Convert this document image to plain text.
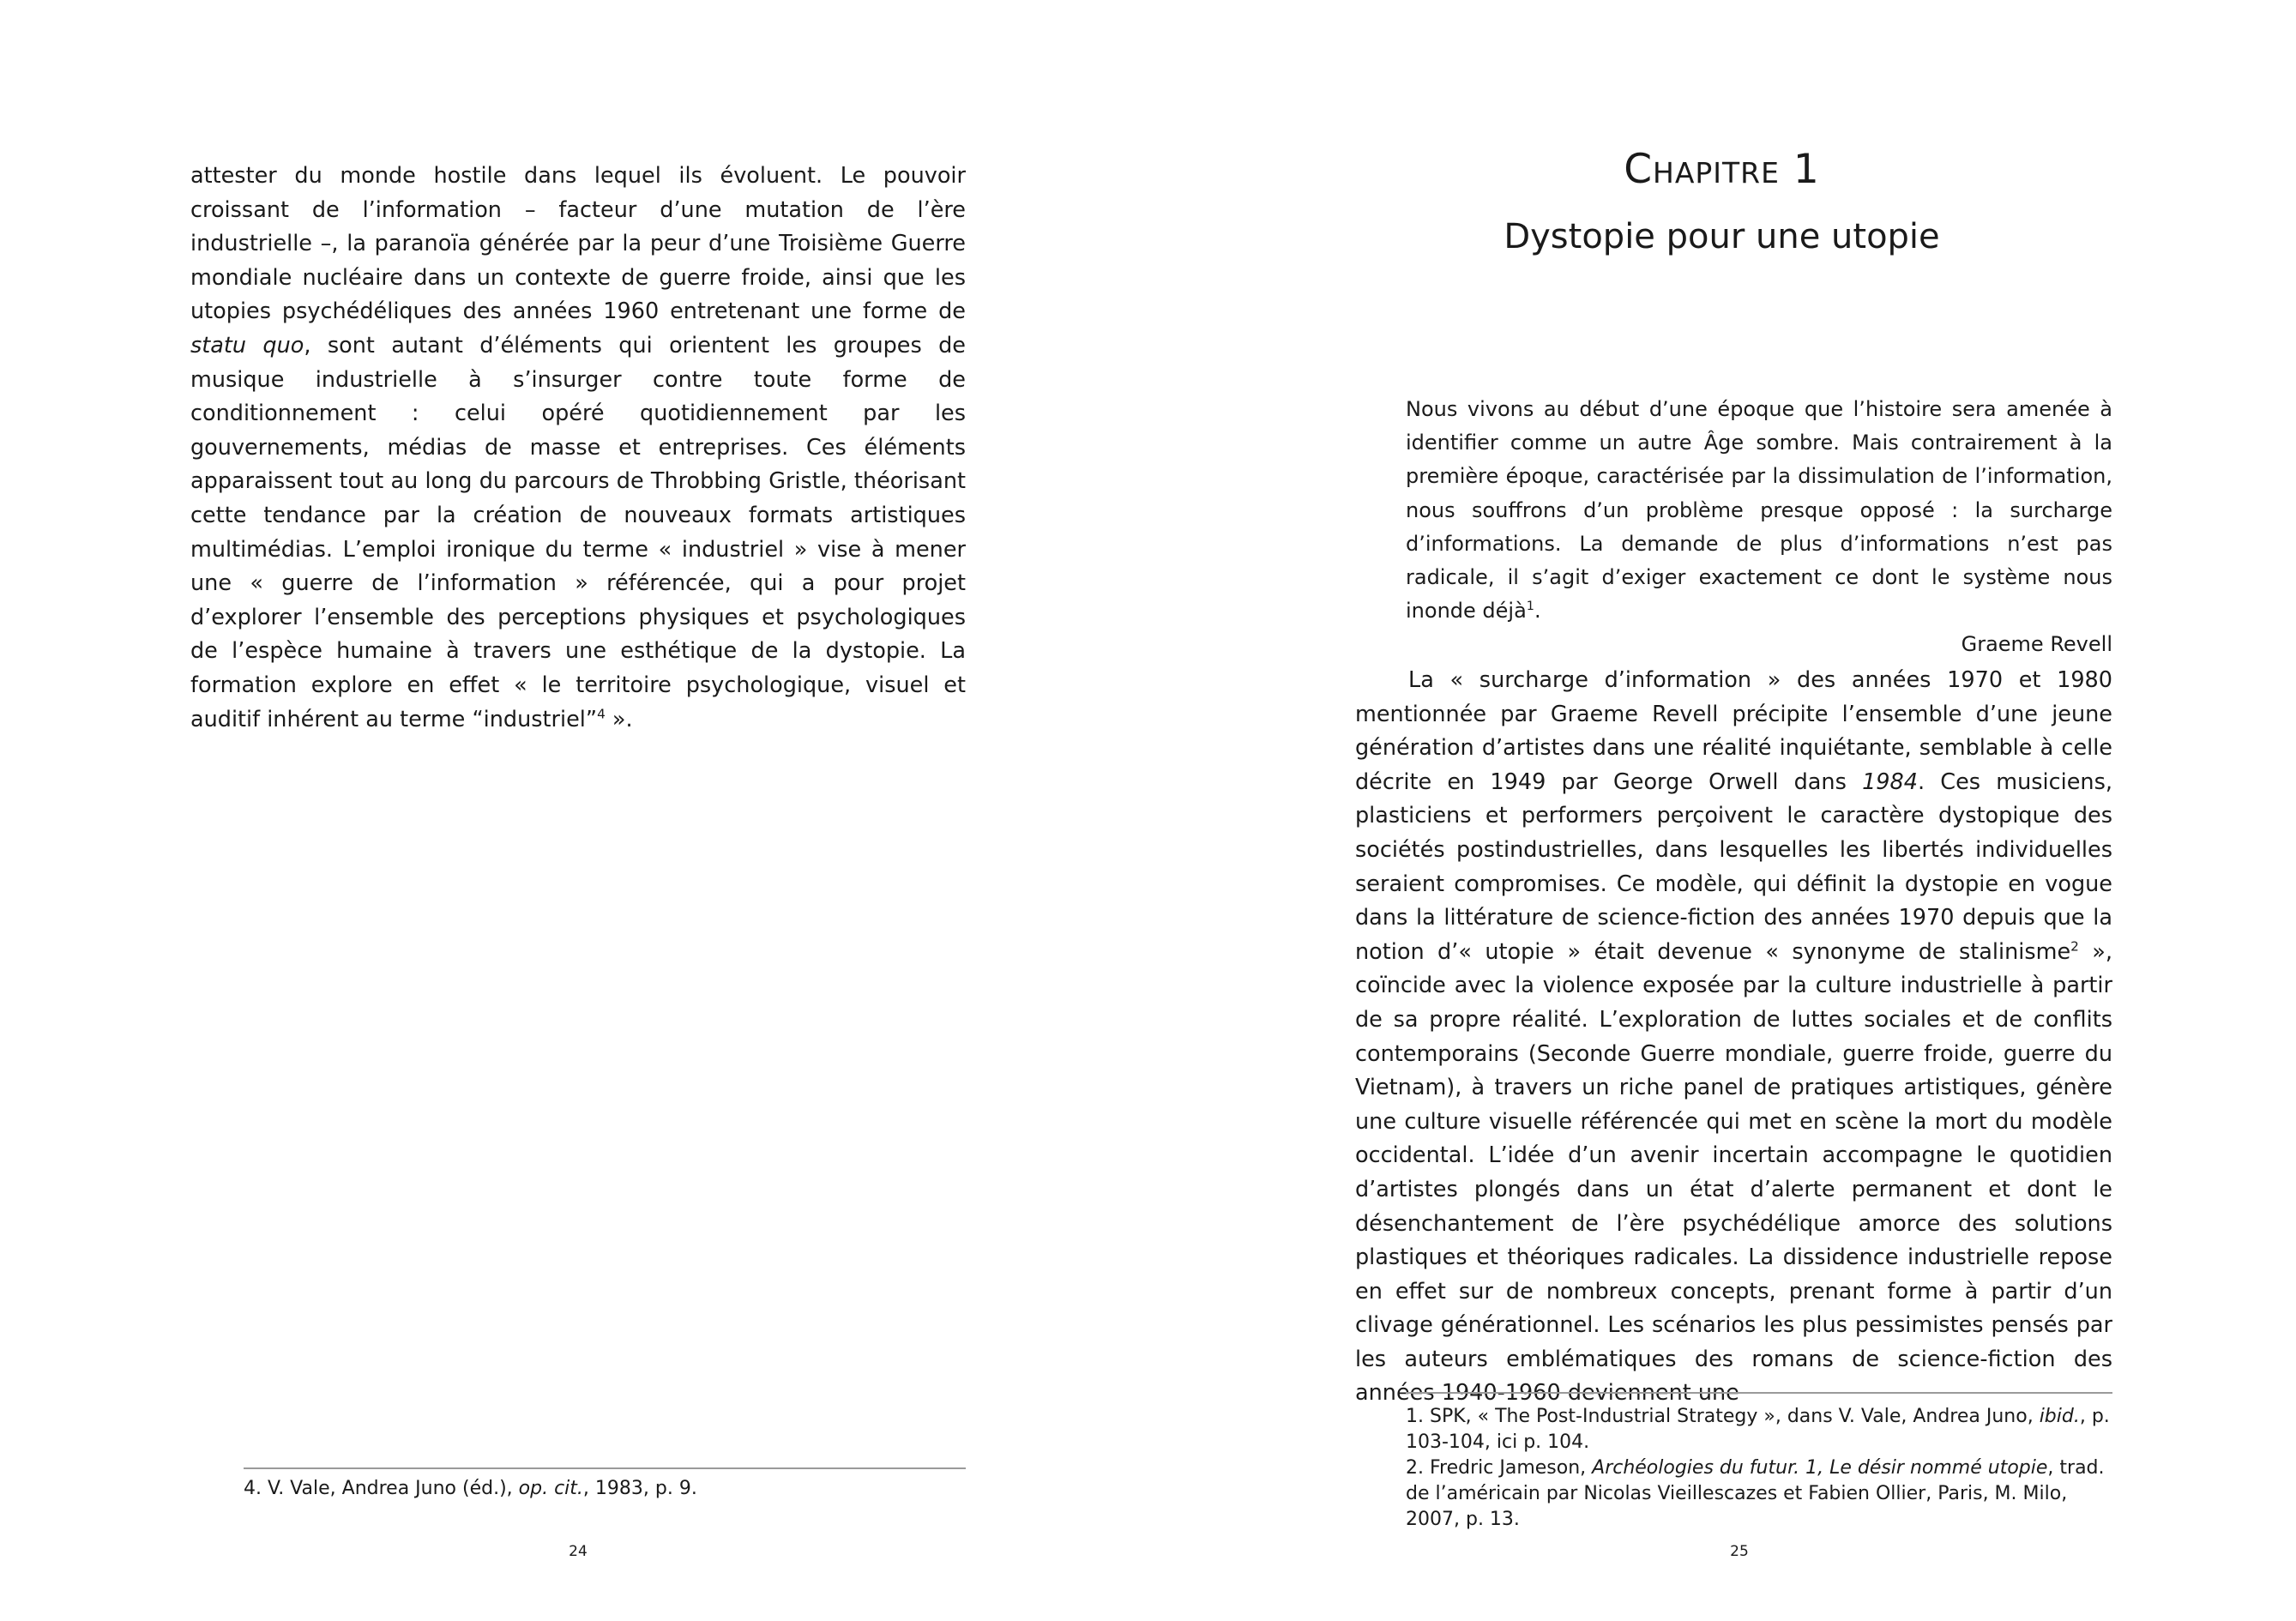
attester du monde hostile dans lequel ils évoluent. Le pouvoir croissant de l’information – facteur d’une mutation de l’ère industrielle –, la paranoïa générée par la peur d’une Troisième Guerre mondiale nucléaire dans un contexte de guerre froide, ainsi que les utopies psychédéliques des années 1960 entretenant une forme de statu quo, sont autant d’éléments qui orientent les groupes de musique industrielle à s’insurger contre toute forme de conditionnement : celui opéré quotidiennement par les gouvernements, médias de masse et entreprises. Ces éléments apparaissent tout au long du parcours de Throbbing Gristle, théorisant cette tendance par la création de nouveaux formats artistiques multimédias. L’emploi ironique du terme « industriel » vise à mener une « guerre de l’information » référencée, qui a pour projet d’explorer l’ensemble des perceptions physiques et psychologiques de l’espèce humaine à travers une esthétique de la dystopie. La formation explore en effet « le territoire psychologique, visuel et auditif inhérent au terme “industriel”$^4$ ».

4. V. Vale, Andrea Juno (éd.), op. cit., 1983, p. 9.

24
Chapitre 1
Dystopie pour une utopie

Nous vivons au début d’une époque que l’histoire sera amenée à identifier comme un autre Âge sombre. Mais contrairement à la première époque, caractérisée par la dissimulation de l’information, nous souffrons d’un problème presque opposé : la surcharge d’informations. La demande de plus d’informations n’est pas radicale, il s’agit d’exiger exactement ce dont le système nous inonde déjà$^1$.

Graeme Revell

La « surcharge d’information » des années 1970 et 1980 mentionnée par Graeme Revell précipite l’ensemble d’une jeune génération d’artistes dans une réalité inquiétante, semblable à celle décrite en 1949 par George Orwell dans 1984. Ces musiciens, plasticiens et performers perçoivent le caractère dystopique des sociétés postindustrielles, dans lesquelles les libertés individuelles seraient compromises. Ce modèle, qui définit la dystopie en vogue dans la littérature de science-fiction des années 1970 depuis que la notion d’« utopie » était devenue « synonyme de stalinisme$^2$ », coïncide avec la violence exposée par la culture industrielle à partir de sa propre réalité. L’exploration de luttes sociales et de conflits contemporains (Seconde Guerre mondiale, guerre froide, guerre du Vietnam), à travers un riche panel de pratiques artistiques, génère une culture visuelle référencée qui met en scène la mort du modèle occidental. L’idée d’un avenir incertain accompagne le quotidien d’artistes plongés dans un état d’alerte permanent et dont le désenchantement de l’ère psychédélique amorce des solutions plastiques et théoriques radicales. La dissidence industrielle repose en effet sur de nombreux concepts, prenant forme à partir d’un clivage générationnel. Les scénarios les plus pessimistes pensés par les auteurs emblématiques des romans de science-fiction des années 1940-1960 deviennent une

1. SPK, « The Post-Industrial Strategy », dans V. Vale, Andrea Juno, ibid., p. 103-104, ici p. 104.

2. Fredric Jameson, Archéologies du futur. 1, Le désir nommé utopie, trad. de l’américain par Nicolas Vieillescazes et Fabien Ollier, Paris, M. Milo, 2007, p. 13.

25
